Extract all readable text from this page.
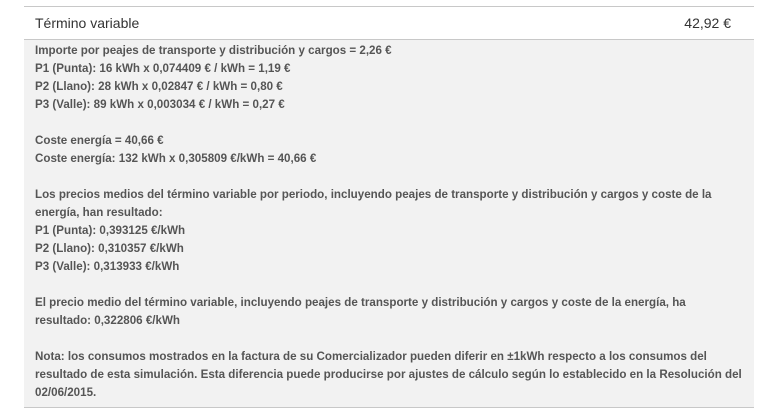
Término variable	42,92 €
Importe por peajes de transporte y distribución y cargos = 2,26 €
P1 (Punta): 16 kWh x 0,074409 € / kWh = 1,19 €
P2 (Llano): 28 kWh x 0,02847 € / kWh = 0,80 €
P3 (Valle): 89 kWh x 0,003034 € / kWh = 0,27 €
Coste energía = 40,66 €
Coste energía: 132 kWh x 0,305809 €/kWh = 40,66 €
Los precios medios del término variable por periodo, incluyendo peajes de transporte y distribución y cargos y coste de la energía, han resultado:
P1 (Punta): 0,393125 €/kWh
P2 (Llano): 0,310357 €/kWh
P3 (Valle): 0,313933 €/kWh
El precio medio del término variable, incluyendo peajes de transporte y distribución y cargos y coste de la energía, ha resultado: 0,322806 €/kWh
Nota: los consumos mostrados en la factura de su Comercializador pueden diferir en ±1kWh respecto a los consumos del resultado de esta simulación. Esta diferencia puede producirse por ajustes de cálculo según lo establecido en la Resolución del 02/06/2015.
